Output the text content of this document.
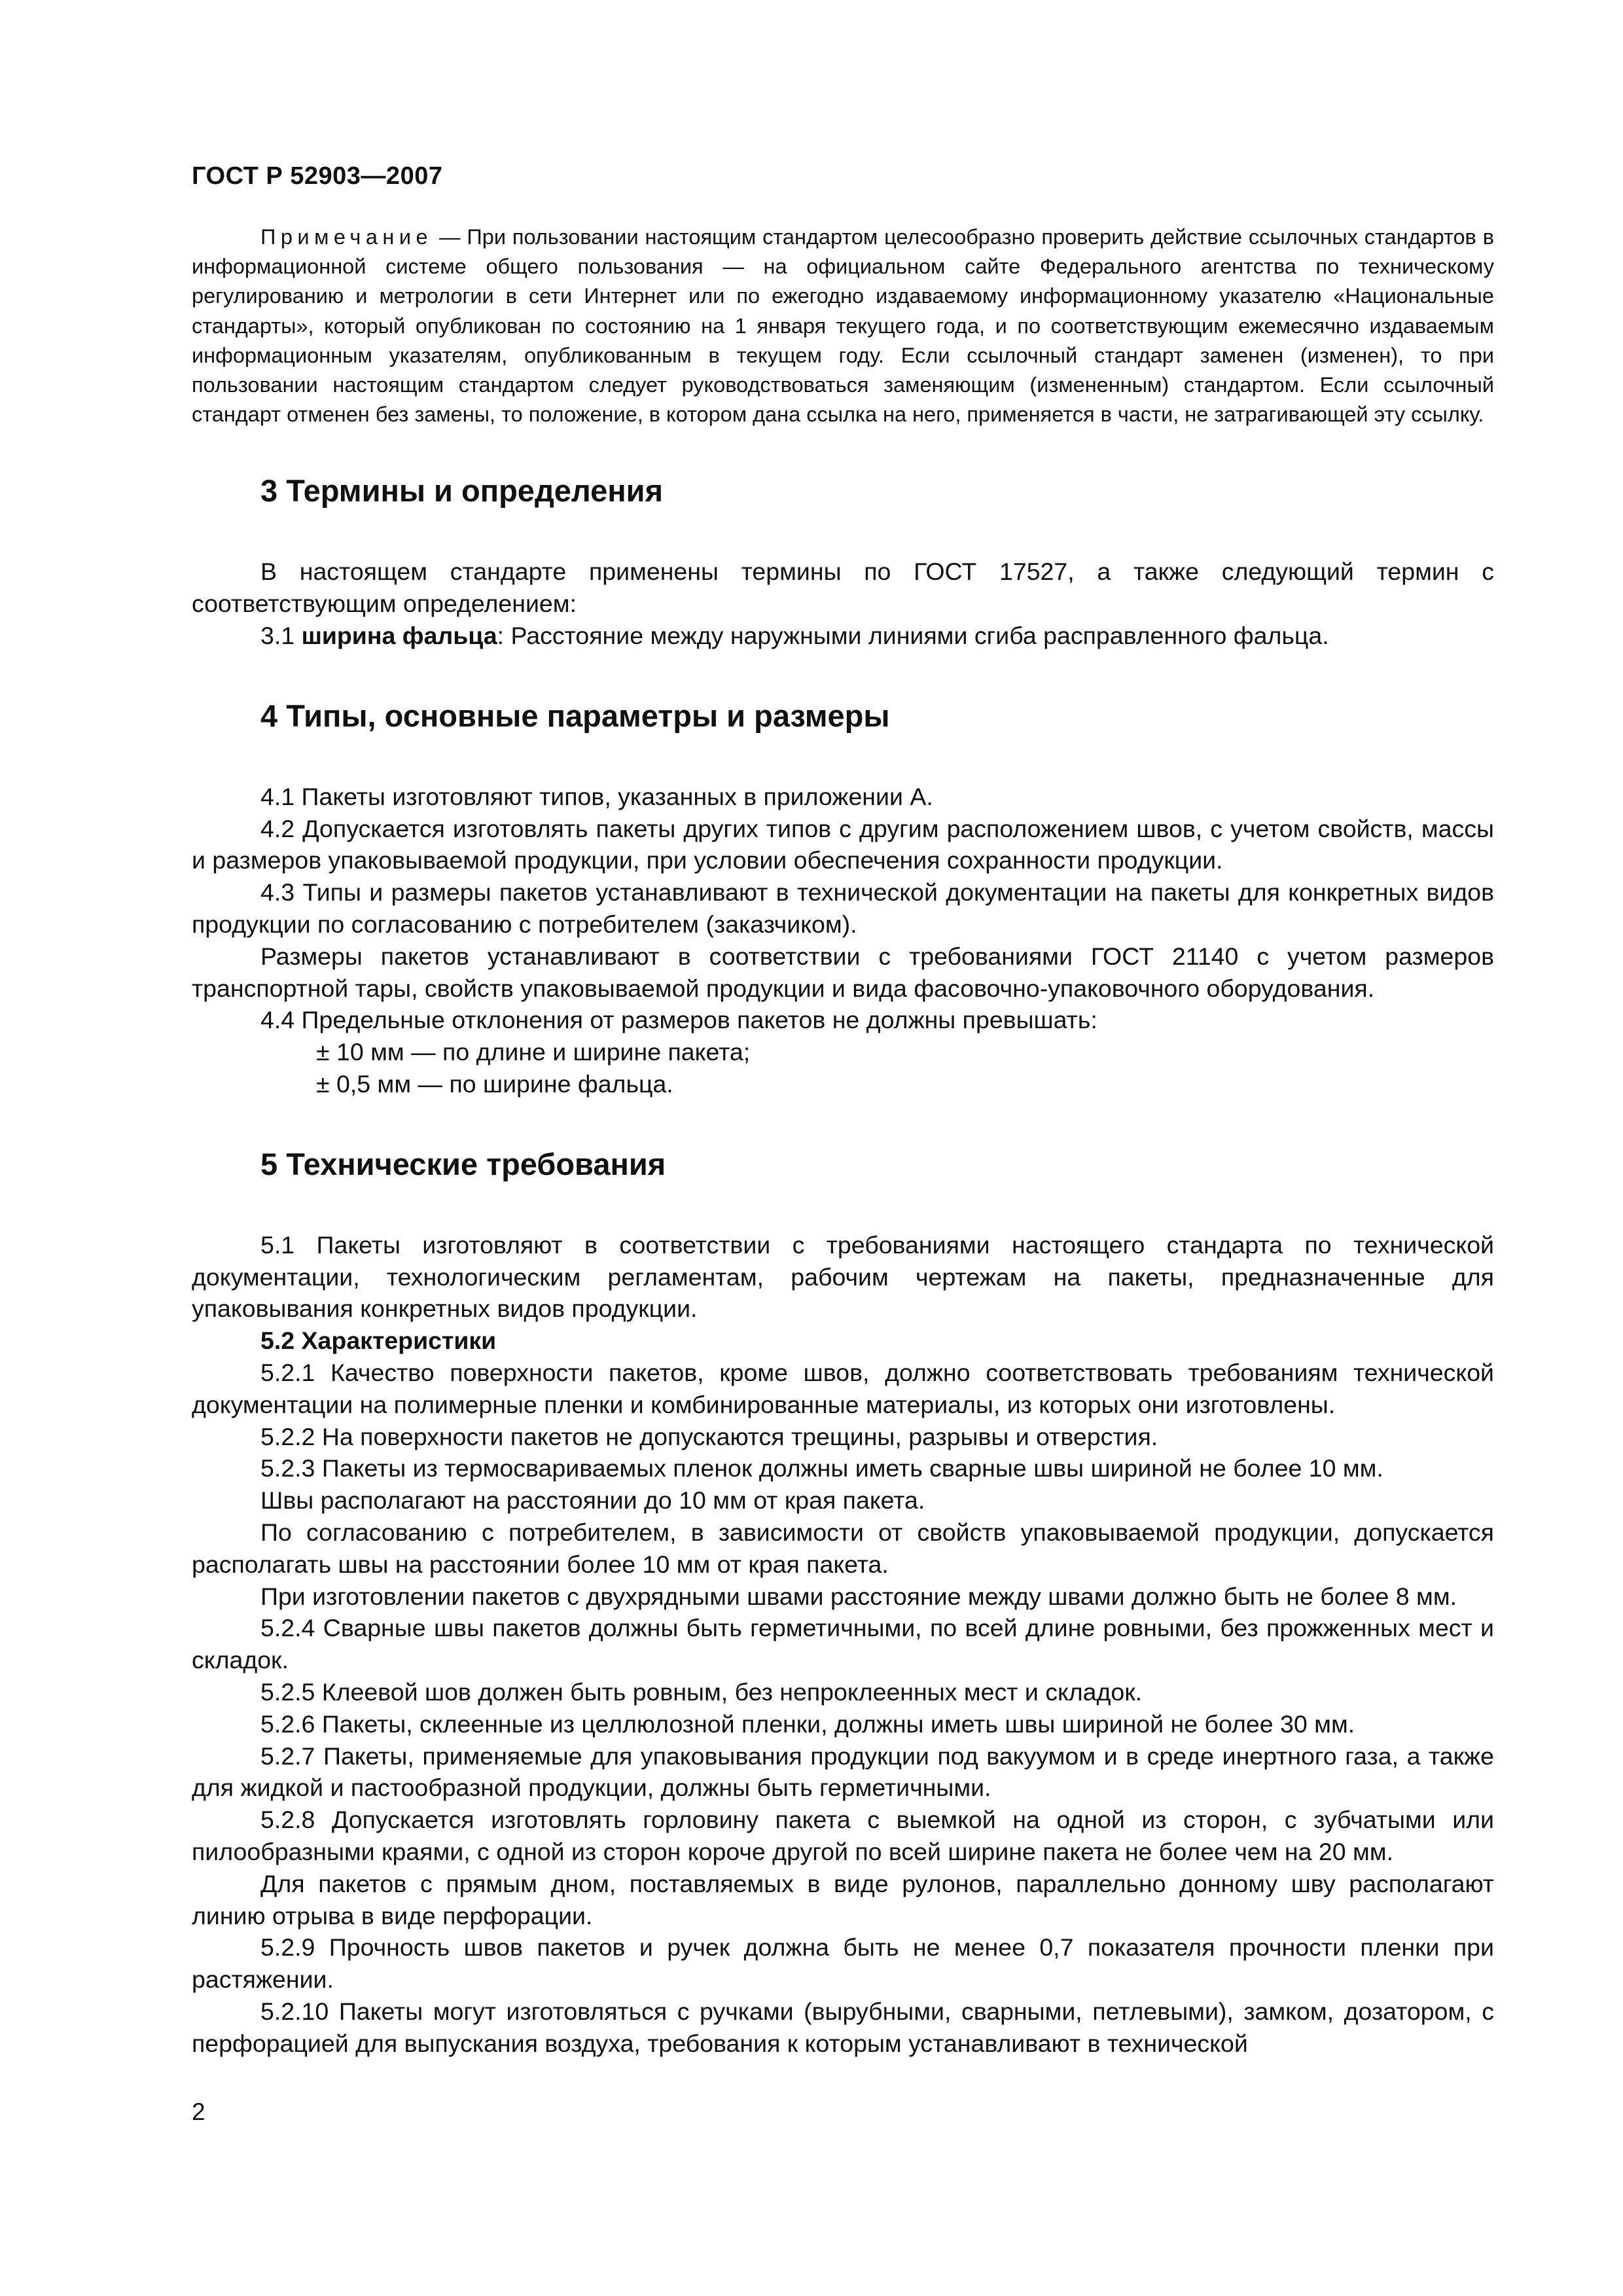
ГОСТ Р 52903—2007

Примечание — При пользовании настоящим стандартом целесообразно проверить действие ссылочных стандартов в информационной системе общего пользования — на официальном сайте Федерального агентства по техническому регулированию и метрологии в сети Интернет или по ежегодно издаваемому информационному указателю «Национальные стандарты», который опубликован по состоянию на 1 января текущего года, и по соответствующим ежемесячно издаваемым информационным указателям, опубликованным в текущем году. Если ссылочный стандарт заменен (изменен), то при пользовании настоящим стандартом следует руководствоваться заменяющим (измененным) стандартом. Если ссылочный стандарт отменен без замены, то положение, в котором дана ссылка на него, применяется в части, не затрагивающей эту ссылку.

3 Термины и определения

В настоящем стандарте применены термины по ГОСТ 17527, а также следующий термин с соответствующим определением:

3.1 ширина фальца: Расстояние между наружными линиями сгиба расправленного фальца.

4 Типы, основные параметры и размеры

4.1 Пакеты изготовляют типов, указанных в приложении А.

4.2 Допускается изготовлять пакеты других типов с другим расположением швов, с учетом свойств, массы и размеров упаковываемой продукции, при условии обеспечения сохранности продукции.

4.3 Типы и размеры пакетов устанавливают в технической документации на пакеты для конкретных видов продукции по согласованию с потребителем (заказчиком).

Размеры пакетов устанавливают в соответствии с требованиями ГОСТ 21140 с учетом размеров транспортной тары, свойств упаковываемой продукции и вида фасовочно-упаковочного оборудования.

4.4 Предельные отклонения от размеров пакетов не должны превышать:

± 10 мм — по длине и ширине пакета;

± 0,5 мм — по ширине фальца.

5 Технические требования

5.1 Пакеты изготовляют в соответствии с требованиями настоящего стандарта по технической документации, технологическим регламентам, рабочим чертежам на пакеты, предназначенные для упаковывания конкретных видов продукции.

5.2 Характеристики

5.2.1 Качество поверхности пакетов, кроме швов, должно соответствовать требованиям технической документации на полимерные пленки и комбинированные материалы, из которых они изготовлены.

5.2.2 На поверхности пакетов не допускаются трещины, разрывы и отверстия.

5.2.3 Пакеты из термосвариваемых пленок должны иметь сварные швы шириной не более 10 мм.

Швы располагают на расстоянии до 10 мм от края пакета.

По согласованию с потребителем, в зависимости от свойств упаковываемой продукции, допускается располагать швы на расстоянии более 10 мм от края пакета.

При изготовлении пакетов с двухрядными швами расстояние между швами должно быть не более 8 мм.

5.2.4 Сварные швы пакетов должны быть герметичными, по всей длине ровными, без прожженных мест и складок.

5.2.5 Клеевой шов должен быть ровным, без непроклеенных мест и складок.

5.2.6 Пакеты, склеенные из целлюлозной пленки, должны иметь швы шириной не более 30 мм.

5.2.7 Пакеты, применяемые для упаковывания продукции под вакуумом и в среде инертного газа, а также для жидкой и пастообразной продукции, должны быть герметичными.

5.2.8 Допускается изготовлять горловину пакета с выемкой на одной из сторон, с зубчатыми или пилообразными краями, с одной из сторон короче другой по всей ширине пакета не более чем на 20 мм.

Для пакетов с прямым дном, поставляемых в виде рулонов, параллельно донному шву располагают линию отрыва в виде перфорации.

5.2.9 Прочность швов пакетов и ручек должна быть не менее 0,7 показателя прочности пленки при растяжении.

5.2.10 Пакеты могут изготовляться с ручками (вырубными, сварными, петлевыми), замком, дозатором, с перфорацией для выпускания воздуха, требования к которым устанавливают в технической

2
